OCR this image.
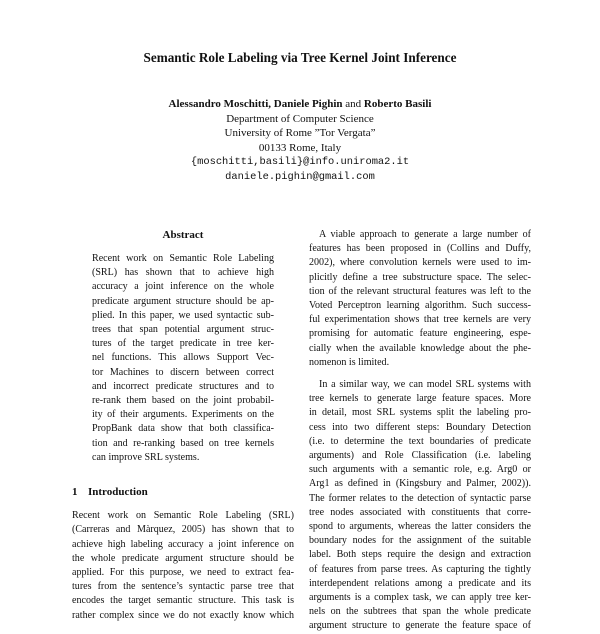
Semantic Role Labeling via Tree Kernel Joint Inference
Alessandro Moschitti, Daniele Pighin and Roberto Basili
Department of Computer Science
University of Rome ”Tor Vergata”
00133 Rome, Italy
{moschitti,basili}@info.uniroma2.it
daniele.pighin@gmail.com
Abstract
Recent work on Semantic Role Labeling
(SRL) has shown that to achieve high
accuracy a joint inference on the whole
predicate argument structure should be ap-
plied. In this paper, we used syntactic sub-
trees that span potential argument struc-
tures of the target predicate in tree ker-
nel functions. This allows Support Vec-
tor Machines to discern between correct
and incorrect predicate structures and to
re-rank them based on the joint probabil-
ity of their arguments. Experiments on the
PropBank data show that both classifica-
tion and re-ranking based on tree kernels
can improve SRL systems.
1 Introduction
Recent work on Semantic Role Labeling (SRL)
(Carreras and Màrquez, 2005) has shown that to
achieve high labeling accuracy a joint inference on
the whole predicate argument structure should be
applied. For this purpose, we need to extract fea-
tures from the sentence’s syntactic parse tree that
encodes the target semantic structure. This task is
rather complex since we do not exactly know which
A viable approach to generate a large number of
features has been proposed in (Collins and Duffy,
2002), where convolution kernels were used to im-
plicitly define a tree substructure space. The selec-
tion of the relevant structural features was left to the
Voted Perceptron learning algorithm. Such success-
ful experimentation shows that tree kernels are very
promising for automatic feature engineering, espe-
cially when the available knowledge about the phe-
nomenon is limited.
In a similar way, we can model SRL systems with
tree kernels to generate large feature spaces. More
in detail, most SRL systems split the labeling pro-
cess into two different steps: Boundary Detection
(i.e. to determine the text boundaries of predicate
arguments) and Role Classification (i.e. labeling
such arguments with a semantic role, e.g. Arg0 or
Arg1 as defined in (Kingsbury and Palmer, 2002)).
The former relates to the detection of syntactic parse
tree nodes associated with constituents that corre-
spond to arguments, whereas the latter considers the
boundary nodes for the assignment of the suitable
label. Both steps require the design and extraction
of features from parse trees. As capturing the tightly
interdependent relations among a predicate and its
arguments is a complex task, we can apply tree ker-
nels on the subtrees that span the whole predicate
argument structure to generate the feature space of
